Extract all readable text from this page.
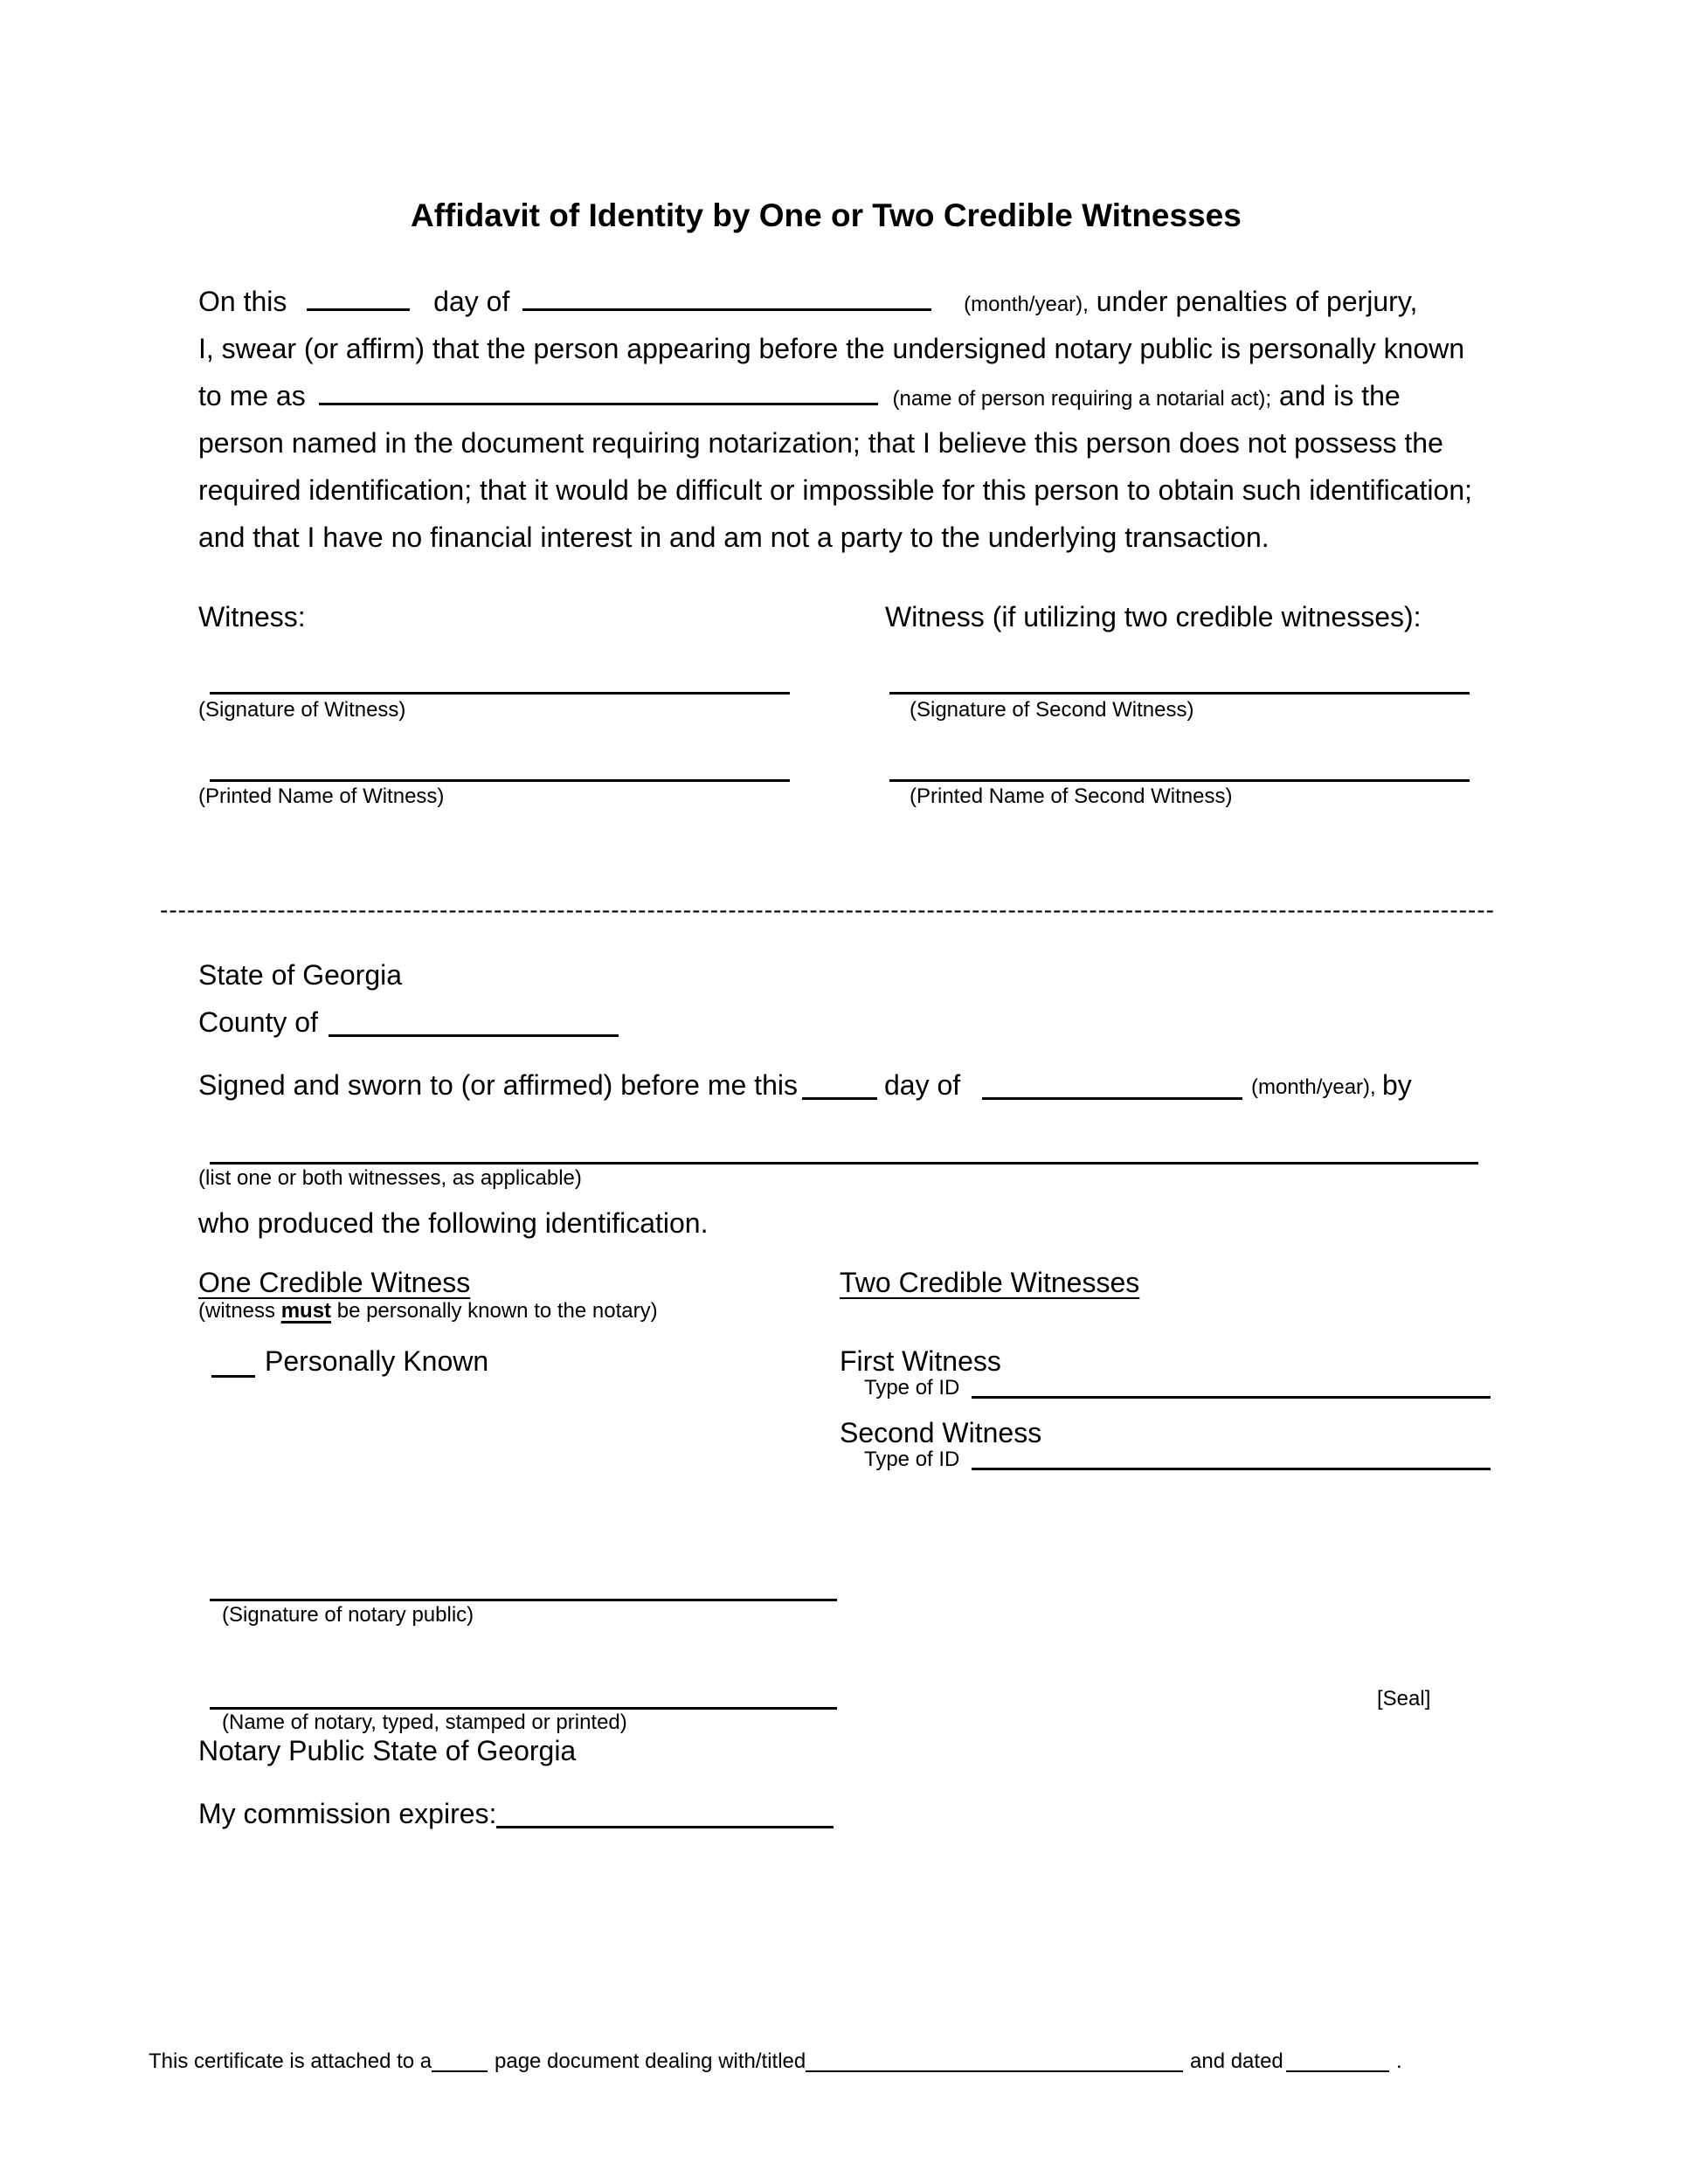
Affidavit of Identity by One or Two Credible Witnesses
On this	day of	(month/year), under penalties of perjury,
I, swear (or affirm) that the person appearing before the undersigned notary public is personally known
to me as	(name of person requiring a notarial act); and is the
person named in the document requiring notarization; that I believe this person does not possess the
required identification; that it would be difficult or impossible for this person to obtain such identification;
and that I have no financial interest in and am not a party to the underlying transaction.
Witness:	Witness (if utilizing two credible witnesses):
(Signature of Witness)	(Signature of Second Witness)
(Printed Name of Witness)	(Printed Name of Second Witness)
----------------------------------------------------------------------------------------------------------------------------------------------------
State of Georgia
County of
Signed and sworn to (or affirmed) before me this	day of	(month/year), by
(list one or both witnesses, as applicable)
who produced the following identification.
One Credible Witness
(witness must be personally known to the notary)
Personally Known
Two Credible Witnesses
First Witness
Type of ID
Second Witness
Type of ID
(Signature of notary public)
(Name of notary, typed, stamped or printed)
[Seal]
Notary Public State of Georgia
My commission expires:
This certificate is attached to a	page document dealing with/titled	and dated	.
